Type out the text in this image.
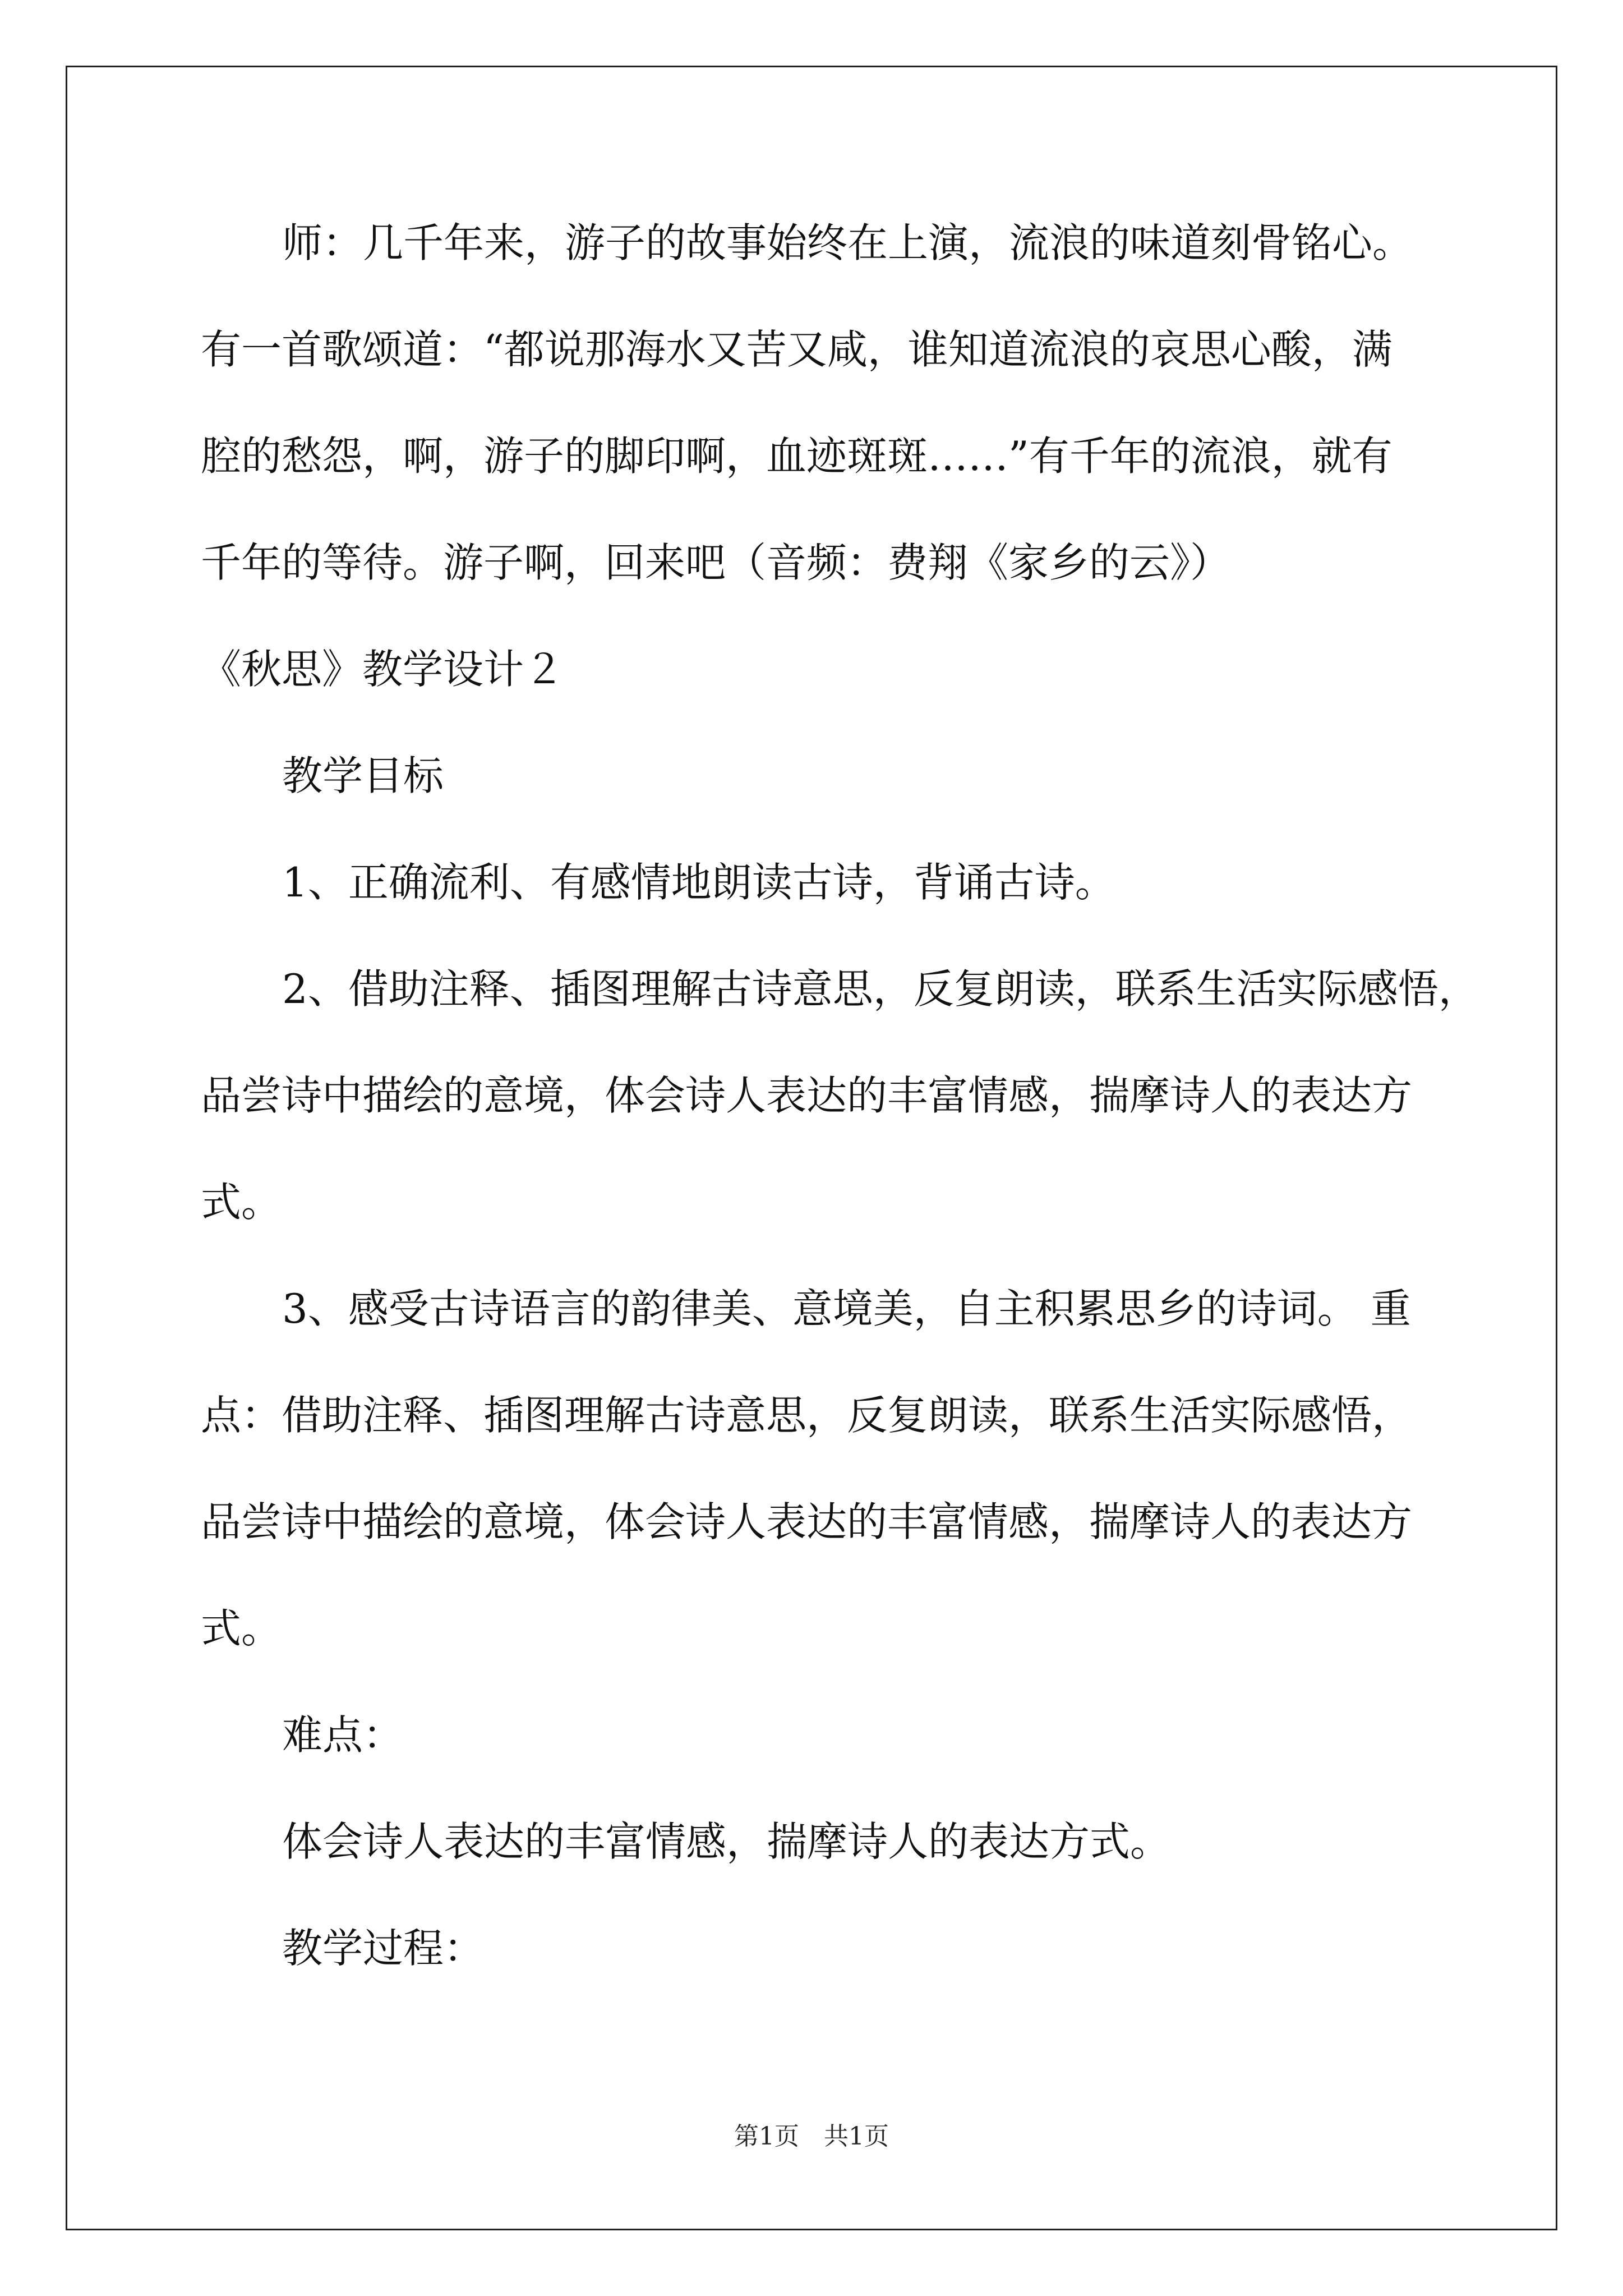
师：几千年来，游子的故事始终在上演，流浪的味道刻骨铭心。
有一首歌颂道：“都说那海水又苦又咸，谁知道流浪的哀思心酸，满
腔的愁怨，啊，游子的脚印啊，血迹斑斑……”有千年的流浪，就有
千年的等待。游子啊，回来吧（音频：费翔《家乡的云》）
《秋思》教学设计２
教学目标
1、正确流利、有感情地朗读古诗，背诵古诗。
2、借助注释、插图理解古诗意思，反复朗读，联系生活实际感悟，
品尝诗中描绘的意境，体会诗人表达的丰富情感，揣摩诗人的表达方
式。
3、感受古诗语言的韵律美、意境美，自主积累思乡的诗词。 重
点：借助注释、插图理解古诗意思，反复朗读，联系生活实际感悟，
品尝诗中描绘的意境，体会诗人表达的丰富情感，揣摩诗人的表达方
式。
难点：
体会诗人表达的丰富情感，揣摩诗人的表达方式。
教学过程：
第1页　共1页
